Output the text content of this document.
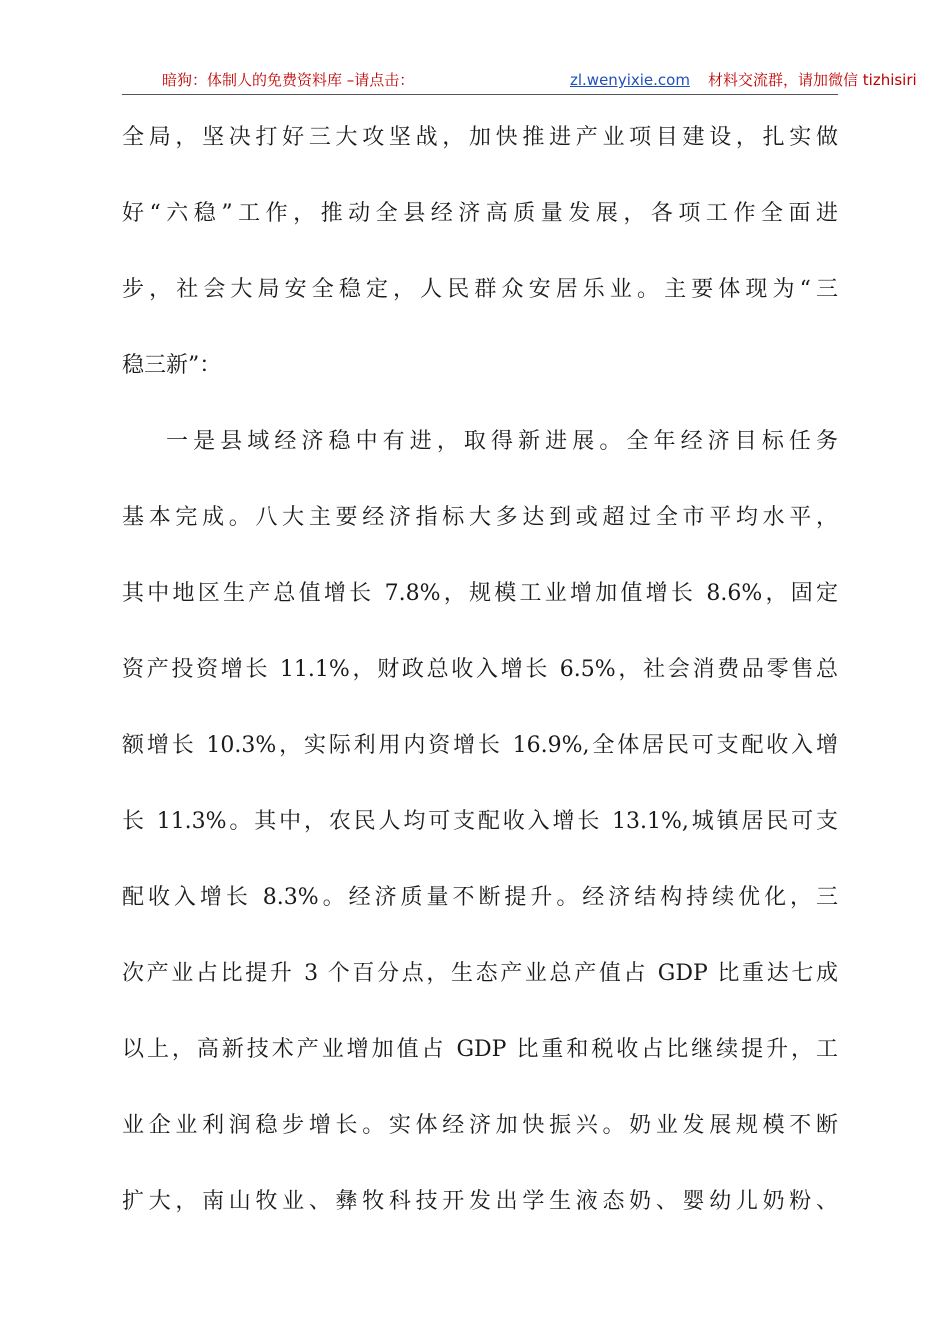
暗狗：体制人的免费资料库 –请点击：	zl.wenyixie.com 材料交流群，请加微信 tizhisiri
全局，坚决打好三大攻坚战，加快推进产业项目建设，扎实做
好“六稳”工作，推动全县经济高质量发展，各项工作全面进
步，社会大局安全稳定，人民群众安居乐业。主要体现为“三
稳三新”：
一是县域经济稳中有进，取得新进展。全年经济目标任务
基本完成。八大主要经济指标大多达到或超过全市平均水平，
其中地区生产总值增长 7.8%，规模工业增加值增长 8.6%，固定
资产投资增长 11.1%，财政总收入增长 6.5%，社会消费品零售总
额增长 10.3%，实际利用内资增长 16.9%,全体居民可支配收入增
长 11.3%。其中，农民人均可支配收入增长 13.1%,城镇居民可支
配收入增长 8.3%。经济质量不断提升。经济结构持续优化，三
次产业占比提升 3 个百分点，生态产业总产值占 GDP 比重达七成
以上，高新技术产业增加值占 GDP 比重和税收占比继续提升，工
业企业利润稳步增长。实体经济加快振兴。奶业发展规模不断
扩大，南山牧业、彝牧科技开发出学生液态奶、婴幼儿奶粉、
